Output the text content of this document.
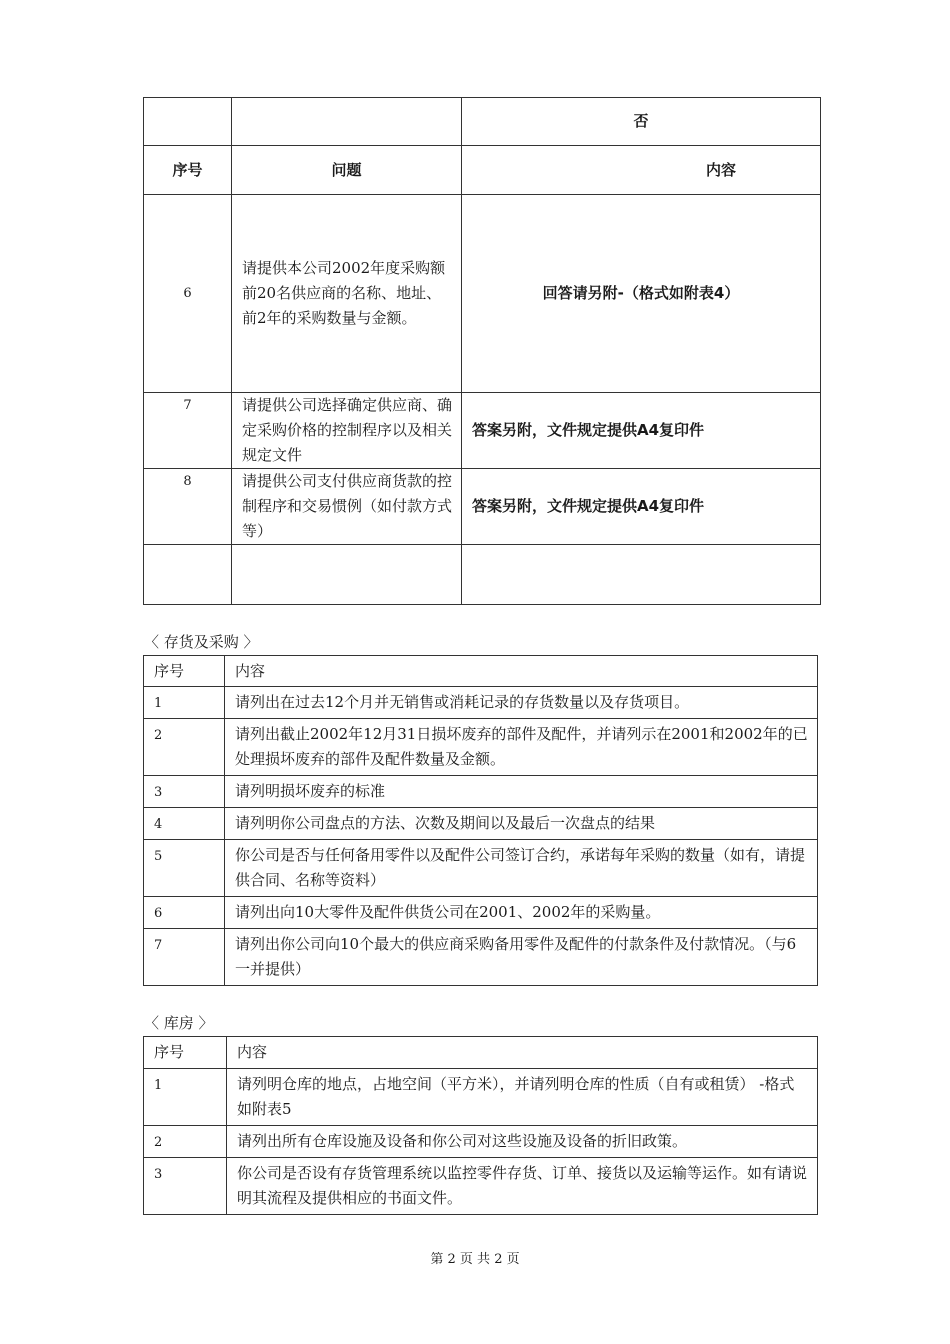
		否
序号	问题	内容
6	请提供本公司2002年度采购额前20名供应商的名称、地址、前2年的采购数量与金额。	回答请另附-（格式如附表4）
7	请提供公司选择确定供应商、确定采购价格的控制程序以及相关规定文件	答案另附，文件规定提供A4复印件
8	请提供公司支付供应商货款的控制程序和交易惯例（如付款方式等）	答案另附，文件规定提供A4复印件

〈 存货及采购 〉
序号	内容
1	请列出在过去12个月并无销售或消耗记录的存货数量以及存货项目。
2	请列出截止2002年12月31日损坏废弃的部件及配件，并请列示在2001和2002年的已处理损坏废弃的部件及配件数量及金额。
3	请列明损坏废弃的标准
4	请列明你公司盘点的方法、次数及期间以及最后一次盘点的结果
5	你公司是否与任何备用零件以及配件公司签订合约，承诺每年采购的数量（如有，请提供合同、名称等资料）
6	请列出向10大零件及配件供货公司在2001、2002年的采购量。
7	请列出你公司向10个最大的供应商采购备用零件及配件的付款条件及付款情况。（与6一并提供）
〈 库房 〉
序号	内容
1	请列明仓库的地点，占地空间（平方米），并请列明仓库的性质（自有或租赁） -格式如附表5
2	请列出所有仓库设施及设备和你公司对这些设施及设备的折旧政策。
3	你公司是否设有存货管理系统以监控零件存货、订单、接货以及运输等运作。如有请说明其流程及提供相应的书面文件。
第 2 页 共 2 页
